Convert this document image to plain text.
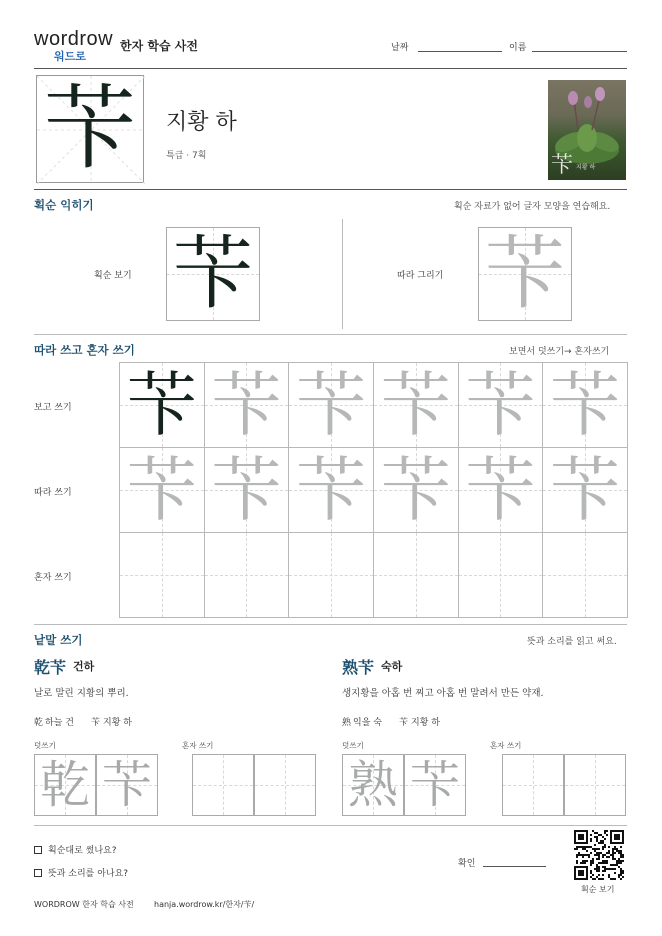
wordrow
워드로
한자 학습 사전	날짜	이름
苄	지황 하
특급 · 7획	苄 지황 하
획순 익히기	획순 자료가 없어 글자 모양을 연습해요.
획순 보기 苄	따라 그리기 苄
따라 쓰고 혼자 쓰기	보면서 덧쓰기→ 혼자쓰기
보고 쓰기
따라 쓰기
혼자 쓰기
苄 苄 苄 苄 苄 苄
苄 苄 苄 苄 苄 苄
낱말 쓰기	뜻과 소리를 읽고 써요.
乾苄 건하
날로 말린 지황의 뿌리.
乾 하늘 건 苄 지황 하
덧쓰기	혼자 쓰기
乾 苄
熟苄 숙하
생지황을 아홉 번 찌고 아홉 번 말려서 만든 약재.
熟 익을 숙 苄 지황 하
덧쓰기	혼자 쓰기
熟 苄
획순대로 썼나요?
뜻과 소리를 아나요?
확인
획순 보기
WORDROW 한자 학습 사전	hanja.wordrow.kr/한자/苄/
